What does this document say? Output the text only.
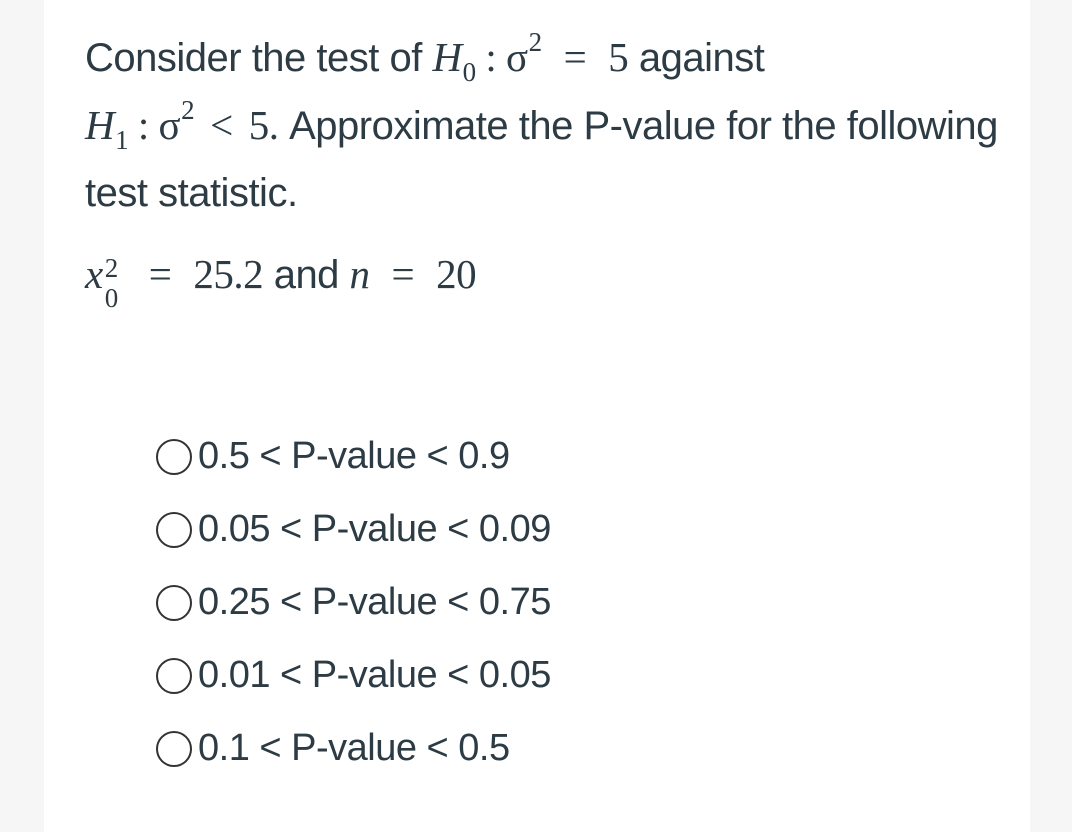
Consider the test of $H_0$ : $\sigma^2 = 5$ against
$H_1$ : $\sigma^2 < 5$. Approximate the P-value for the following test statistic.
x 2
0
= 25.2 and n = 20
0.5 < P-value < 0.9
0.05 < P-value < 0.09
0.25 < P-value < 0.75
0.01 < P-value < 0.05
0.1 < P-value < 0.5
